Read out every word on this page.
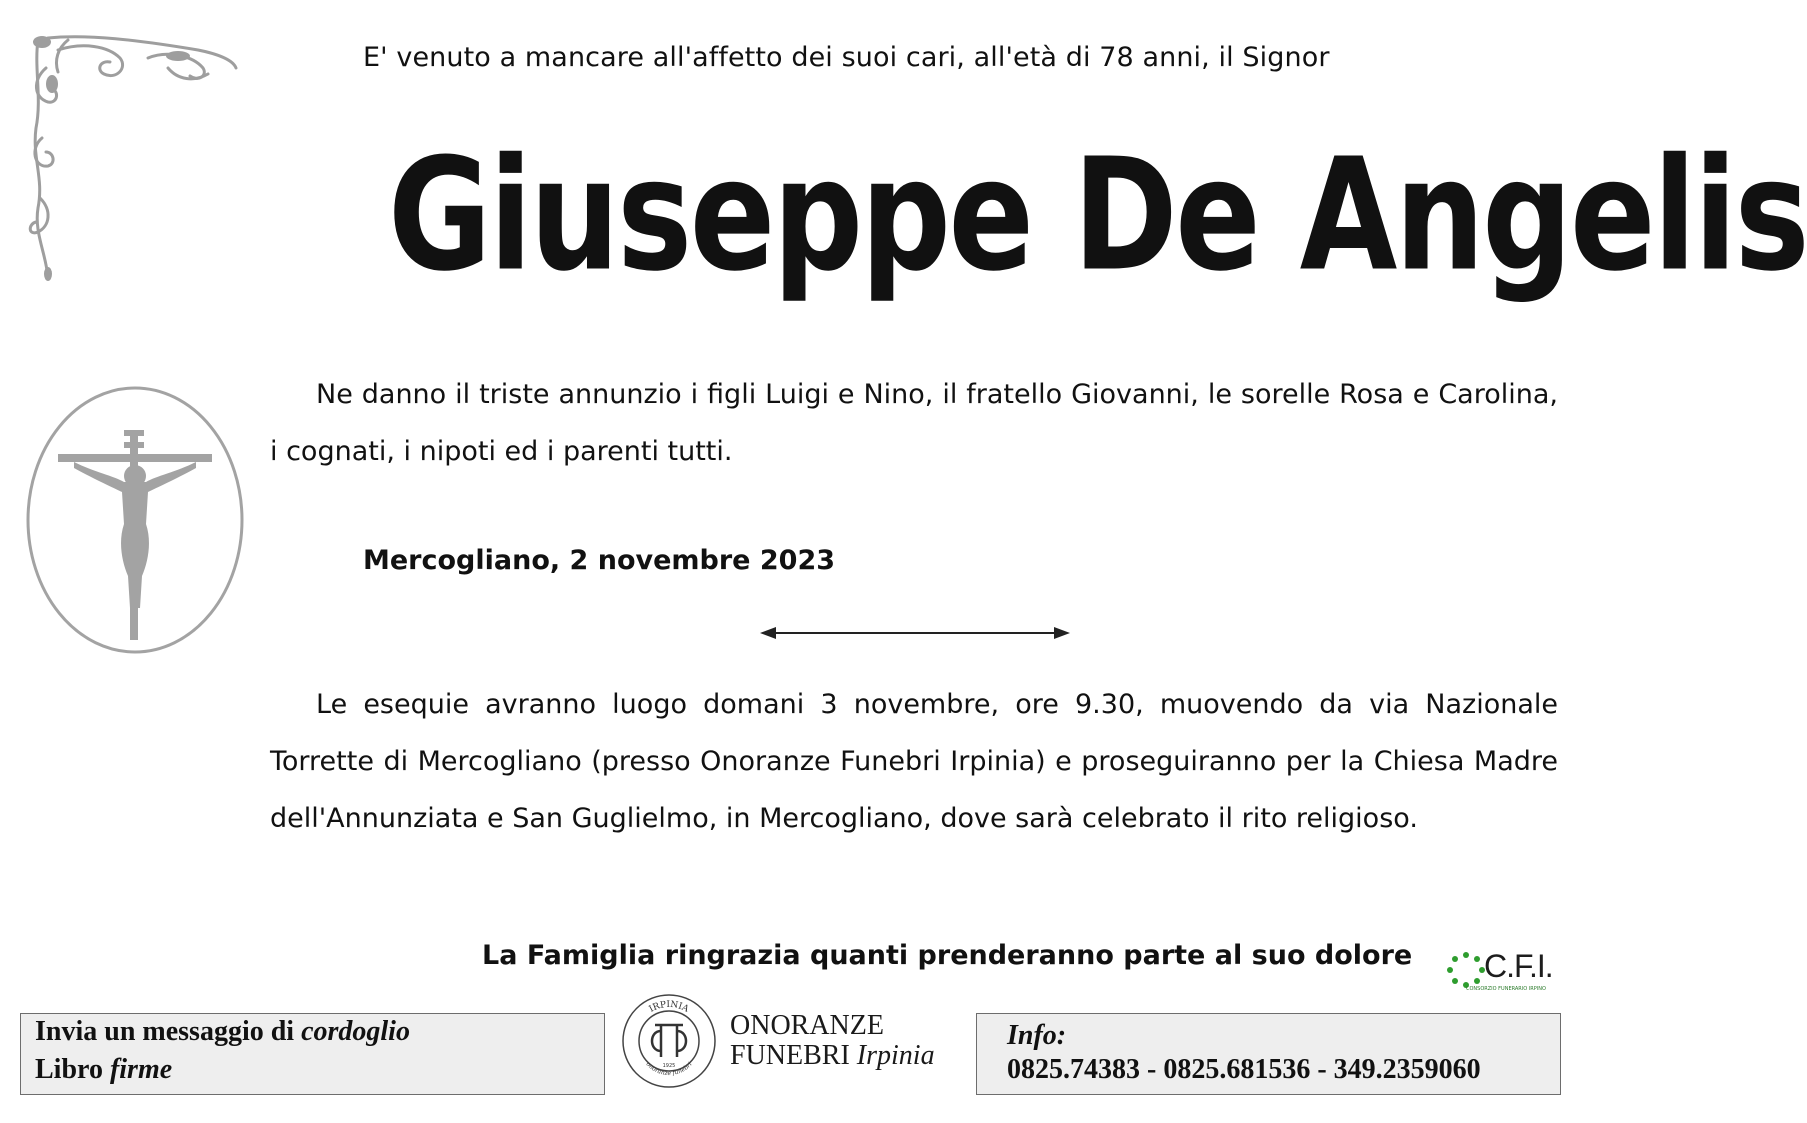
E' venuto a mancare all'affetto dei suoi cari, all'età di 78 anni, il Signor
Giuseppe De Angelis
Ne danno il triste annunzio i figli Luigi e Nino, il fratello Giovanni, le sorelle Rosa e Carolina, i cognati, i nipoti ed i parenti tutti.
Mercogliano, 2 novembre 2023
Le esequie avranno luogo domani 3 novembre, ore 9.30, muovendo da via Nazionale Torrette di Mercogliano (presso Onoranze Funebri Irpinia) e proseguiranno per la Chiesa Madre dell'Annunziata e San Guglielmo, in Mercogliano, dove sarà celebrato il rito religioso.
La Famiglia ringrazia quanti prenderanno parte al suo dolore C.F.I.
CONSORZIO FUNERARIO IRPINO
Invia un messaggio di cordoglio
Libro firme
IRPINIA
onoranze funebri
1925
ONORANZE
FUNEBRI Irpinia
Info:
0825.74383 - 0825.681536 - 349.2359060
